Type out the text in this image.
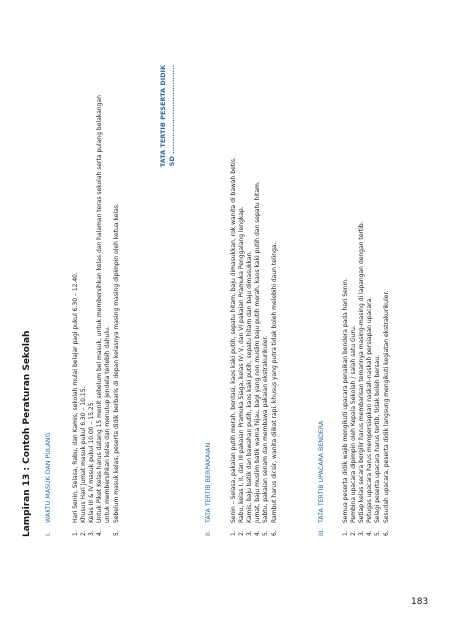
Lampiran 13 : Contoh Peraturan Sekolah
TATA TERTIB PESERTA DIDIK SD ....................................
I.
WAKTU MASUK DAN PULANG
1.
Hari Senin, Selasa, Rabu, dan Kamis, sekolah mulai belajar pagi pukul 6.30 – 12.40.
2.
Khusus Hari Jumat masuk pukul 6.30 – 10.15.
3.
Kelas III & IV masuk pukul 10.00 – 15.25.
4.
Untuk Piket Kelas harus datang 15 menit sebelum bel masuk, untuk membersihkan kelas dan halaman teras sekolah serta pulang belakangan untuk membersihkan kelas dan menutup jendela terlebih dahulu.
5.
Sebelum masuk kelas, peserta didik berbaris di depan kelasnya masing masing dipimpin oleh ketua kelas.
II.
TATA TERTIB BERPAKAIAN
1.
Senin – Selasa, pakaian putih merah, berdasi, kaos kaki putih, sepatu hitam, baju dimasukkan, rok wanita di bawah betis.
2.
Rabu, kelas I, II, dan III pakaian Pramuka Siaga, kelas IV, V, dan VI pakaian Pramuka Penggalang lengkap.
3.
Kamis, baju batik dan bawahan putih, kaos kaki putih, sepatu hitam dan baju dimasukkan.
4.
Jumat, baju muslim batik warna hijau, bagi yang non muslim baju putih merah, kaos kaki putih dan sepatu hitam.
5.
Sabtu, pakaian senam dan membawa pakaian ekstrakurikuler.
6.
Rambut harus dicsir, wanita diikat rapi, khusus yang putra tidak boleh melebihi daun telinga.
III.
TATA TERTIB UPACARA BENDERA
1.
Semua peserta didik wajib mengikuti upacara penaikan bendera pada hari Senin.
2.
Pembina upacara dipimpin oleh Kepala Sekolah / salah satu Guru.
3.
Setiap kelas secara bergilir harus membarisan temannya masing-masing di lapangan dengan tertib.
4.
Petugas upacara harus mempersiapkan naskah-naskah persiapan upacara.
5.
Selagi peserta upacara harus tertib, tidak boleh bersau.
6.
Sesudah upacara, peserta didik langsung mengikuti kegiatan ekstrakurikuler.
183
